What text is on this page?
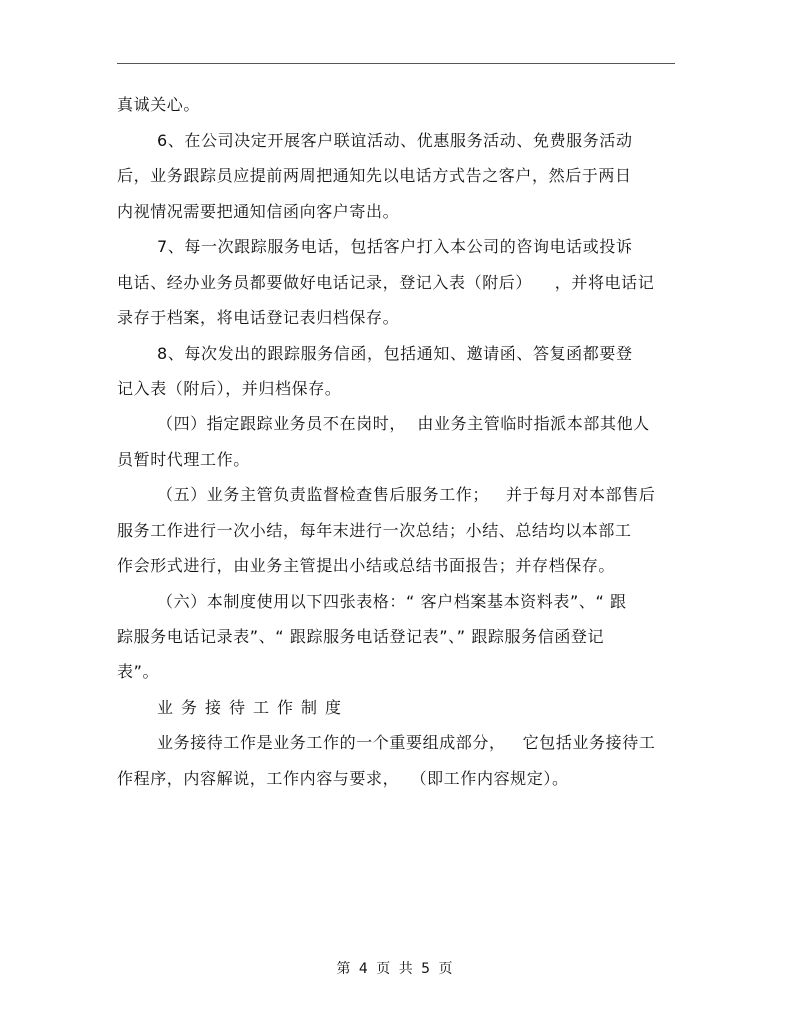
真诚关心。
6、在公司决定开展客户联谊活动、优惠服务活动、免费服务活动
后，业务跟踪员应提前两周把通知先以电话方式告之客户，然后于两日
内视情况需要把通知信函向客户寄出。
7、每一次跟踪服务电话，包括客户打入本公司的咨询电话或投诉
电话、经办业务员都要做好电话记录，登记入表（附后）    ，并将电话记
录存于档案，将电话登记表归档保存。
8、每次发出的跟踪服务信函，包括通知、邀请函、答复函都要登
记入表（附后），并归档保存。
（四）指定跟踪业务员不在岗时，  由业务主管临时指派本部其他人
员暂时代理工作。
（五）业务主管负责监督检查售后服务工作；   并于每月对本部售后
服务工作进行一次小结，每年末进行一次总结；小结、总结均以本部工
作会形式进行，由业务主管提出小结或总结书面报告；并存档保存。
（六）本制度使用以下四张表格：“ 客户档案基本资料表”、“ 跟
踪服务电话记录表”、“ 跟踪服务电话登记表”、” 跟踪服务信函登记
表”。
业务接待工作制度
业务接待工作是业务工作的一个重要组成部分，   它包括业务接待工
作程序，内容解说，工作内容与要求，  （即工作内容规定）。
第 4 页 共 5 页
